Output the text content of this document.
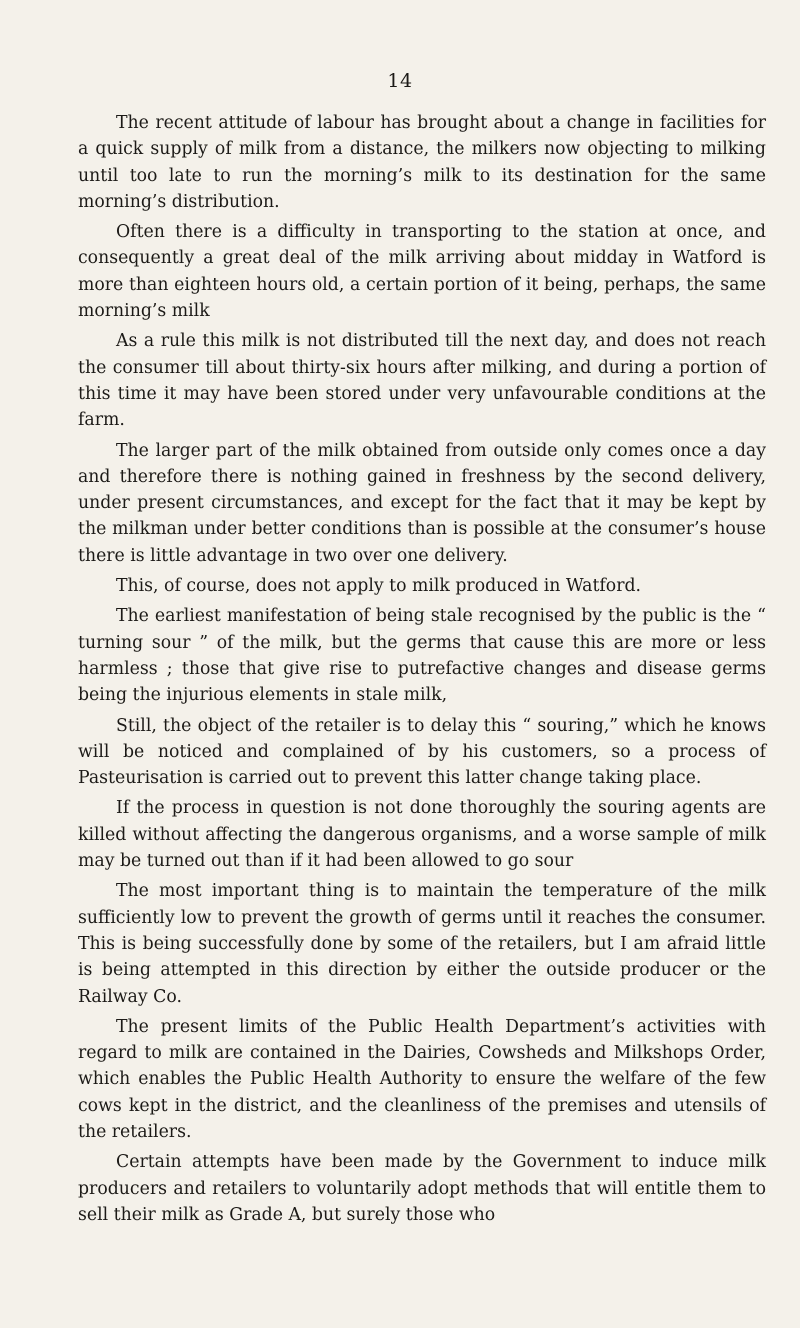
14

The recent attitude of labour has brought about a change in facilities for a quick supply of milk from a distance, the milkers now objecting to milking until too late to run the morning’s milk to its destination for the same morning’s distribution.

Often there is a difficulty in transporting to the station at once, and consequently a great deal of the milk arriving about midday in Watford is more than eighteen hours old, a certain portion of it being, perhaps, the same morning’s milk

As a rule this milk is not distributed till the next day, and does not reach the consumer till about thirty-six hours after milking, and during a portion of this time it may have been stored under very unfavourable conditions at the farm.

The larger part of the milk obtained from outside only comes once a day and therefore there is nothing gained in freshness by the second delivery, under present circumstances, and except for the fact that it may be kept by the milkman under better conditions than is possible at the consumer’s house there is little advantage in two over one delivery.

This, of course, does not apply to milk produced in Watford.

The earliest manifestation of being stale recognised by the public is the “ turning sour ” of the milk, but the germs that cause this are more or less harmless ; those that give rise to putrefactive changes and disease germs being the injurious elements in stale milk,

Still, the object of the retailer is to delay this “ souring,” which he knows will be noticed and complained of by his customers, so a process of Pasteurisation is carried out to prevent this latter change taking place.

If the process in question is not done thoroughly the souring agents are killed without affecting the dangerous organisms, and a worse sample of milk may be turned out than if it had been allowed to go sour

The most important thing is to maintain the temperature of the milk sufficiently low to prevent the growth of germs until it reaches the consumer. This is being successfully done by some of the retailers, but I am afraid little is being attempted in this direction by either the outside producer or the Railway Co.

The present limits of the Public Health Department’s activities with regard to milk are contained in the Dairies, Cowsheds and Milkshops Order, which enables the Public Health Authority to ensure the welfare of the few cows kept in the district, and the cleanliness of the premises and utensils of the retailers.

Certain attempts have been made by the Government to induce milk producers and retailers to voluntarily adopt methods that will entitle them to sell their milk as Grade A, but surely those who
